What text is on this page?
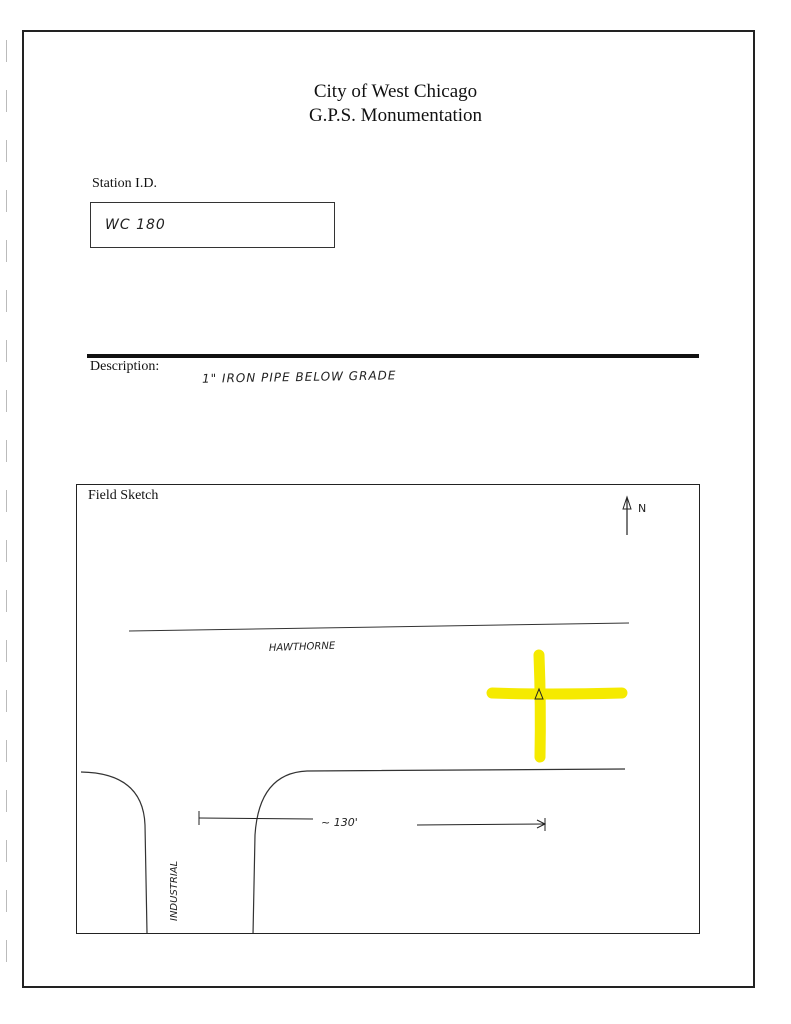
City of West Chicago
G.P.S. Monumentation
Station I.D.
WC 180
Description:
1" IRON PIPE BELOW GRADE
Field Sketch
N
HAWTHORNE
INDUSTRIAL
~ 130'
